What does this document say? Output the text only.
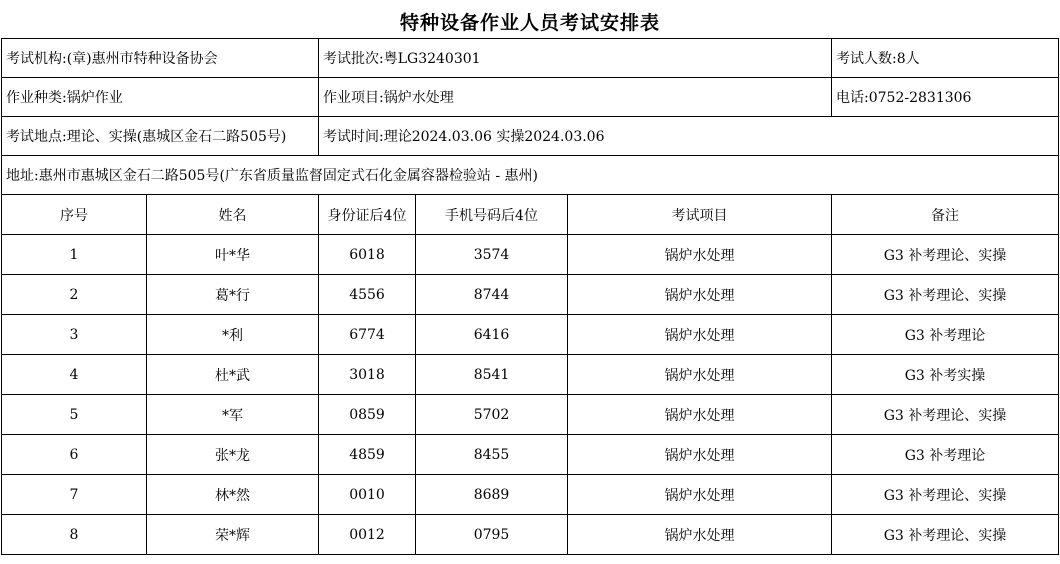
特种设备作业人员考试安排表
考试机构:(章)惠州市特种设备协会		考试批次:粤LG3240301			考试人数:8人
作业种类:锅炉作业		作业项目:锅炉水处理			电话:0752-2831306
考试地点:理论、实操(惠城区金石二路505号)		考试时间:理论2024.03.06 实操2024.03.06			
地址:惠州市惠城区金石二路505号(广东省质量监督固定式石化金属容器检验站 - 惠州)					
序号	姓名	身份证后4位	手机号码后4位	考试项目	备注
1	叶*华	6018	3574	锅炉水处理	G3 补考理论、实操
2	葛*行	4556	8744	锅炉水处理	G3 补考理论、实操
3	*利	6774	6416	锅炉水处理	G3 补考理论
4	杜*武	3018	8541	锅炉水处理	G3 补考实操
5	*军	0859	5702	锅炉水处理	G3 补考理论、实操
6	张*龙	4859	8455	锅炉水处理	G3 补考理论
7	林*然	0010	8689	锅炉水处理	G3 补考理论、实操
8	荣*辉	0012	0795	锅炉水处理	G3 补考理论、实操
